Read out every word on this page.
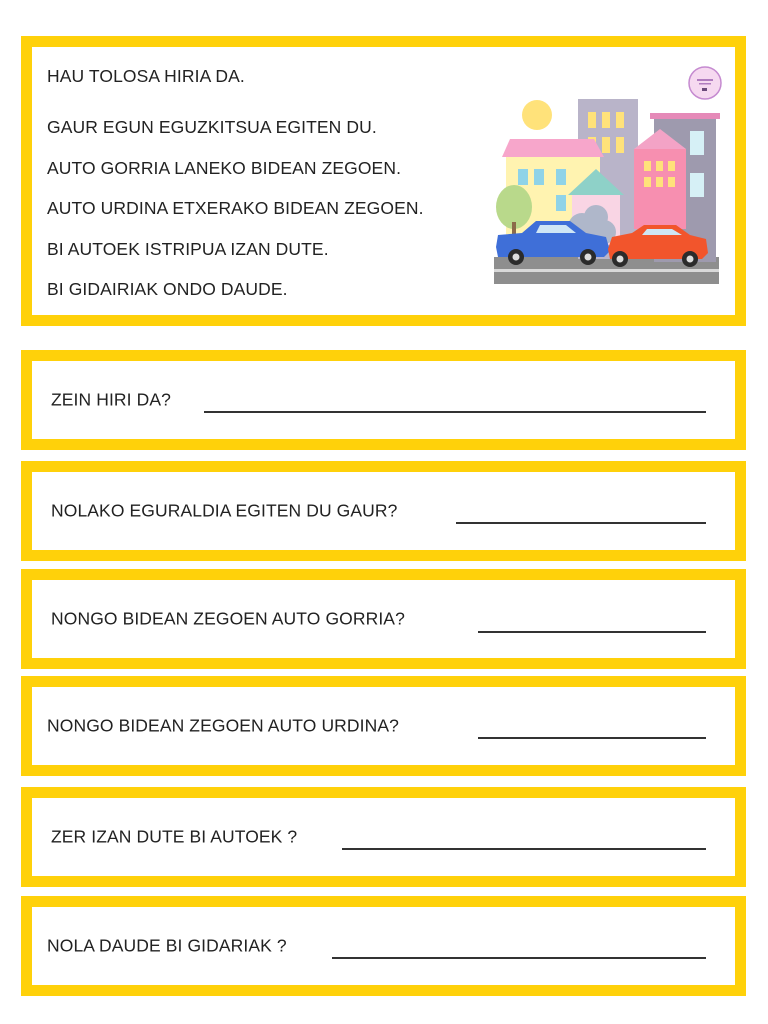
HAU TOLOSA HIRIA DA.
GAUR EGUN EGUZKITSUA EGITEN DU.
AUTO GORRIA LANEKO BIDEAN ZEGOEN.
AUTO URDINA ETXERAKO BIDEAN ZEGOEN.
BI AUTOEK ISTRIPUA IZAN DUTE.
BI GIDAIRIAK ONDO DAUDE.
ZEIN HIRI DA?
NOLAKO EGURALDIA EGITEN DU GAUR?
NONGO BIDEAN ZEGOEN AUTO GORRIA?
NONGO BIDEAN ZEGOEN AUTO URDINA?
ZER IZAN DUTE BI AUTOEK ?
NOLA DAUDE BI GIDARIAK ?
